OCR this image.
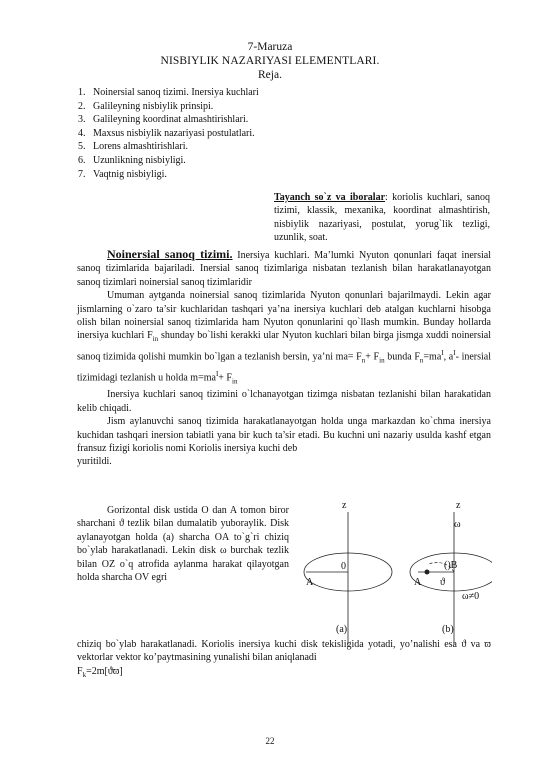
7-Maruza
NISBIYLIK NAZARIYASI ELEMENTLARI.
Reja.
1. Noinersial sanoq tizimi. Inersiya kuchlari
2. Galileyning nisbiylik prinsipi.
3. Galileyning koordinat almashtirishlari.
4. Maxsus nisbiylik nazariyasi postulatlari.
5. Lorens almashtirishlari.
6. Uzunlikning nisbiyligi.
7. Vaqtnig nisbiyligi.
Tayanch so`z va iboralar: koriolis kuchlari, sanoq tizimi, klassik, mexanika, koordinat almashtirish, nisbiylik nazariyasi, postulat, yorug`lik tezligi, uzunlik, soat.

Noinersial sanoq tizimi. Inersiya kuchlari. Ma’lumki Nyuton qonunlari faqat inersial sanoq tizimlarida bajariladi. Inersial sanoq tizimlariga nisbatan tezlanish bilan harakatlanayotgan sanoq tizimlari noinersial sanoq tizimlaridir

Umuman aytganda noinersial sanoq tizimlarida Nyuton qonunlari bajarilmaydi. Lekin agar jismlarning o`zaro ta’sir kuchlaridan tashqari ya’na inersiya kuchlari deb atalgan kuchlarni hisobga olish bilan noinersial sanoq tizimlarida ham Nyuton qonunlarini qo`llash mumkin. Bunday hollarda inersiya kuchlari $F_{in}$ shunday bo`lishi kerakki ular Nyuton kuchlari bilan birga jismga xuddi noinersial sanoq tizimida qolishi mumkin bo`lgan a tezlanish bersin, ya’ni $ma= F_n+ F_{in}$ bunda $F_n=ma^I$, $a^I-$ inersial tizimidagi tezlanish u holda $m=ma^I+ F_{in}$

Inersiya kuchlari sanoq tizimini o`lchanayotgan tizimga nisbatan tezlanishi bilan harakatidan kelib chiqadi.

Jism aylanuvchi sanoq tizimida harakatlanayotgan holda unga markazdan ko`chma inersiya kuchidan tashqari inersion tabiatli yana bir kuch ta’sir etadi. Bu kuchni uni nazariy usulda kashf etgan fransuz fizigi koriolis nomi Koriolis inersiya kuchi deb

yuritildi.

Gorizontal disk ustida O dan A tomon biror sharchani ϑ tezlik bilan dumalatib yuboraylik. Disk aylanayotgan holda (a) sharcha OA to`g`ri chiziq bo`ylab harakatlanadi. Lekin disk ω burchak tezlik bilan OZ o`q atrofida aylanma harakat qilayotgan holda sharcha OV egri

z	z
ω
0
A
()B
A ϑ
ω≠0
(a)	(b)

chiziq bo`ylab harakatlanadi. Koriolis inersiya kuchi disk tekisligida yotadi, yo’nalishi esa ϑ va ϖ vektorlar vektor ko’paytmasining yunalishi bilan aniqlanadi

$F_k=2m[ϑϖ]$

22
